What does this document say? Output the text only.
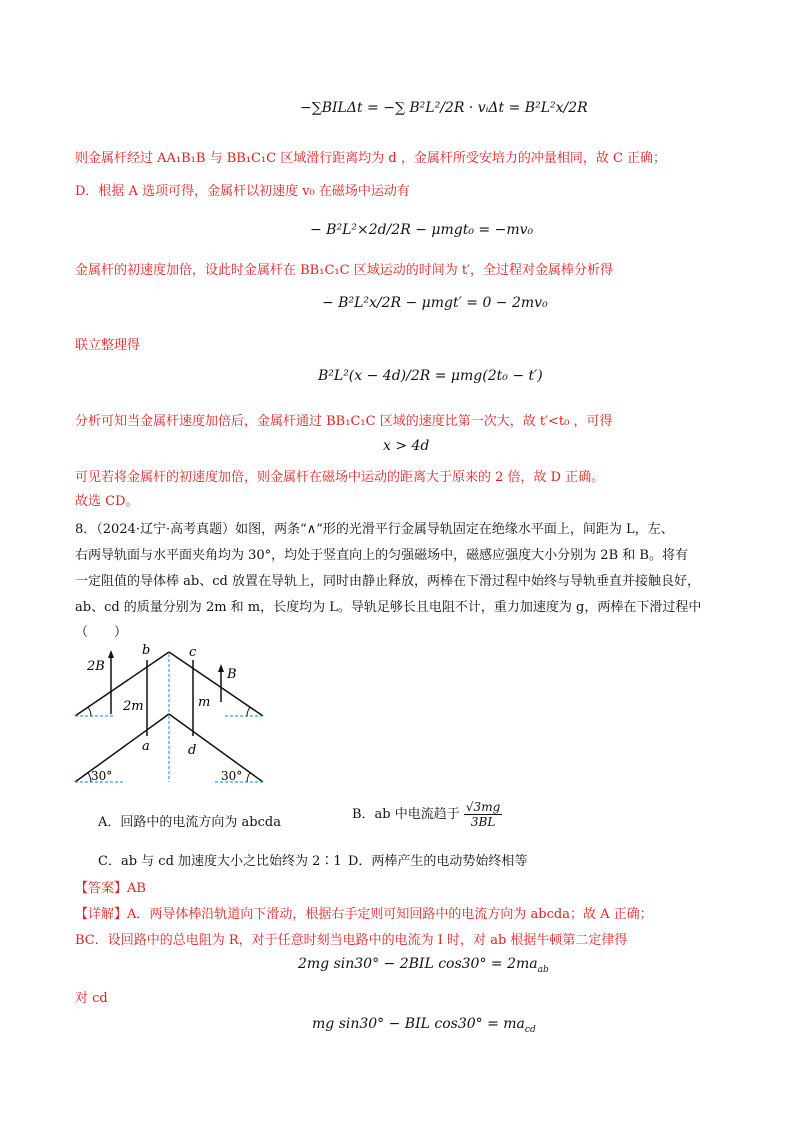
−∑BILΔt = −∑ B²L²/2R · vᵢΔt = B²L²x/2R
则金属杆经过 AA₁B₁B 与 BB₁C₁C 区域滑行距离均为 d ，金属杆所受安培力的冲量相同，故 C 正确；
D．根据 A 选项可得，金属杆以初速度 v₀ 在磁场中运动有
− B²L²×2d/2R − μmgt₀ = −mv₀
金属杆的初速度加倍，设此时金属杆在 BB₁C₁C 区域运动的时间为 t′，全过程对金属棒分析得
− B²L²x/2R − μmgt′ = 0 − 2mv₀
联立整理得
B²L²(x − 4d)/2R = μmg(2t₀ − t′)
分析可知当金属杆速度加倍后，金属杆通过 BB₁C₁C 区域的速度比第一次大，故 t′<t₀ ，可得
x > 4d
可见若将金属杆的初速度加倍，则金属杆在磁场中运动的距离大于原来的 2 倍，故 D 正确。
故选 CD。
8．（2024·辽宁·高考真题）如图，两条“∧”形的光滑平行金属导轨固定在绝缘水平面上，间距为 L，左、
右两导轨面与水平面夹角均为 30°，均处于竖直向上的匀强磁场中，磁感应强度大小分别为 2B 和 B。将有
一定阻值的导体棒 ab、cd 放置在导轨上，同时由静止释放，两棒在下滑过程中始终与导轨垂直并接触良好，
ab、cd 的质量分别为 2m 和 m，长度均为 L。导轨足够长且电阻不计，重力加速度为 g，两棒在下滑过程中
（　　）
2B
B
b	c
a	d
2m	m
30°	30°
A．回路中的电流方向为 abcda
B．ab 中电流趋于 $\frac{√3mg}{3BL}$
C．ab 与 cd 加速度大小之比始终为 2∶1 D．两棒产生的电动势始终相等
【答案】AB
【详解】A．两导体棒沿轨道向下滑动，根据右手定则可知回路中的电流方向为 abcda；故 A 正确；
BC．设回路中的总电阻为 R，对于任意时刻当电路中的电流为 I 时，对 ab 根据牛顿第二定律得
2mg sin30° − 2BIL $\cos 30^\circ = 2ma_{ab}$
对 cd
mg sin30° − BIL $\cos 30^\circ = ma_{cd}$
